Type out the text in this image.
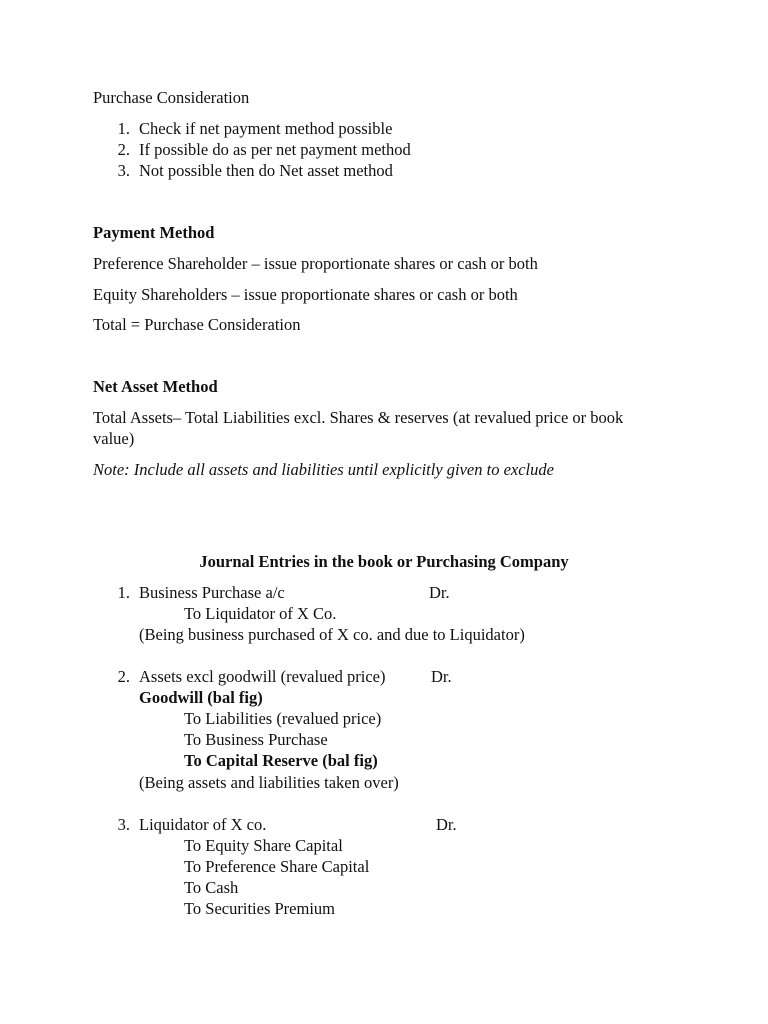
Purchase Consideration
1. Check if net payment method possible
2. If possible do as per net payment method
3. Not possible then do Net asset method
Payment Method
Preference Shareholder – issue proportionate shares or cash or both
Equity Shareholders – issue proportionate shares or cash or both
Total = Purchase Consideration
Net Asset Method
Total Assets– Total Liabilities excl. Shares & reserves (at revalued price or book
value)
Note: Include all assets and liabilities until explicitly given to exclude
Journal Entries in the book or Purchasing Company
1. Business Purchase a/c	Dr.
To Liquidator of X Co.
(Being business purchased of X co. and due to Liquidator)
2. Assets excl goodwill (revalued price)	Dr.
Goodwill (bal fig)
To Liabilities (revalued price)
To Business Purchase
To Capital Reserve (bal fig)
(Being assets and liabilities taken over)
3. Liquidator of X co.	Dr.
To Equity Share Capital
To Preference Share Capital
To Cash
To Securities Premium
